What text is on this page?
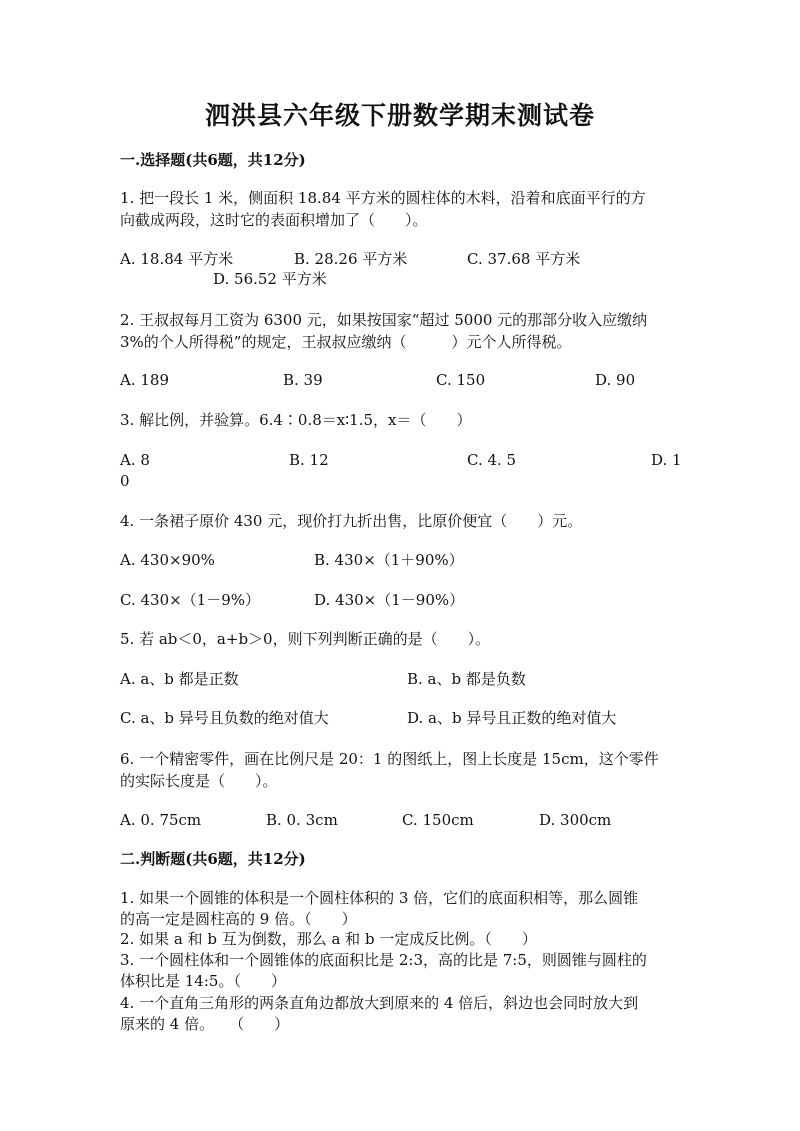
泗洪县六年级下册数学期末测试卷
一.选择题(共6题，共12分)
1. 把一段长 1 米，侧面积 18.84 平方米的圆柱体的木料，沿着和底面平行的方
向截成两段，这时它的表面积增加了（　　）。
A. 18.84 平方米	B. 28.26 平方米	C. 37.68 平方米
D. 56.52 平方米
2. 王叔叔每月工资为 6300 元，如果按国家“超过 5000 元的那部分收入应缴纳
3%的个人所得税”的规定，王叔叔应缴纳（　　　）元个人所得税。
A. 189	B. 39	C. 150	D. 90
3. 解比例，并验算。6.4∶0.8＝x∶1.5，x＝（　　）
A. 8	B. 12	C. 4. 5	D. 1
0
4. 一条裙子原价 430 元，现价打九折出售，比原价便宜（　　）元。
A. 430×90%	B. 430×（1＋90%）
C. 430×（1－9%）	D. 430×（1－90%）
5. 若 ab＜0，a+b＞0，则下列判断正确的是（　　）。
A. a、b 都是正数	B. a、b 都是负数
C. a、b 异号且负数的绝对值大	D. a、b 异号且正数的绝对值大
6. 一个精密零件，画在比例尺是 20：1 的图纸上，图上长度是 15cm，这个零件
的实际长度是（　　）。
A. 0. 75cm	B. 0. 3cm	C. 150cm	D. 300cm
二.判断题(共6题，共12分)
1. 如果一个圆锥的体积是一个圆柱体积的 3 倍，它们的底面积相等，那么圆锥
的高一定是圆柱高的 9 倍。（　　）
2. 如果 a 和 b 互为倒数，那么 a 和 b 一定成反比例。（　　）
3. 一个圆柱体和一个圆锥体的底面积比是 2:3，高的比是 7:5，则圆锥与圆柱的
体积比是 14:5。（　　）
4. 一个直角三角形的两条直角边都放大到原来的 4 倍后，斜边也会同时放大到
原来的 4 倍。　　（　　）
